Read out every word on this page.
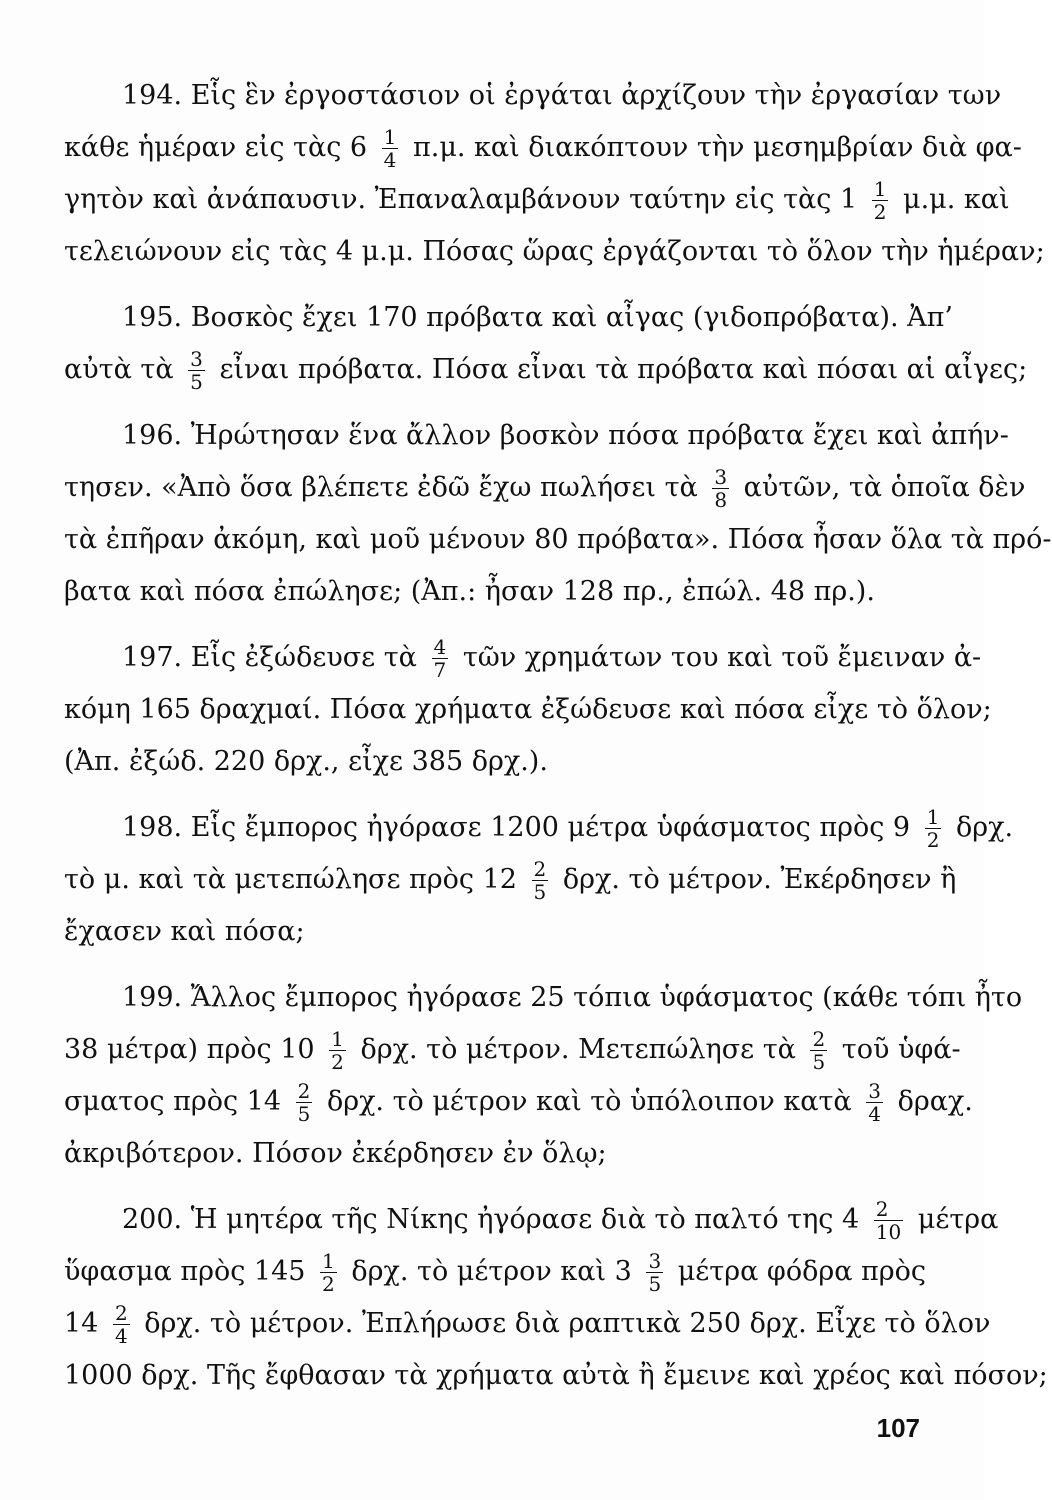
194. Εἷς ἓν ἐργοστάσιον οἱ ἐργάται ἀρχίζουν τὴν ἐργασίαν των
κάθε ἡμέραν εἰς τὰς $6 \frac{1}{4} \pi.\mu$. καὶ διακόπτουν τὴν μεσημβρίαν διὰ φα-
γητὸν καὶ ἀνάπαυσιν. Ἐπαναλαμβάνουν ταύτην εἰς τὰς $1 \frac{1}{2} \mu.\mu$. καὶ
τελειώνουν εἰς τὰς 4 μ.μ. Πόσας ὥρας ἐργάζονται τὸ ὅλον τὴν ἡμέραν;
195. Βοσκὸς ἔχει 170 πρόβατα καὶ αἶγας (γιδοπρόβατα). Ἀπ’
αὐτὰ τὰ $\frac{3}{5}$ εἶναι πρόβατα. Πόσα εἶναι τὰ πρόβατα καὶ πόσαι αἱ αἶγες;
196. Ἠρώτησαν ἕνα ἄλλον βοσκὸν πόσα πρόβατα ἔχει καὶ ἀπήν-
τησεν. «Ἀπὸ ὅσα βλέπετε ἐδῶ ἔχω πωλήσει τὰ $\frac{3}{8}$ αὐτῶν, τὰ ὁποῖα δὲν
τὰ ἐπῆραν ἀκόμη, καὶ μοῦ μένουν 80 πρόβατα». Πόσα ἦσαν ὅλα τὰ πρό-
βατα καὶ πόσα ἐπώλησε; (Ἀπ.: ἦσαν 128 πρ., ἐπώλ. 48 πρ.).
197. Εἷς ἐξώδευσε τὰ $\frac{4}{7}$ τῶν χρημάτων του καὶ τοῦ ἔμειναν ἀ-
κόμη 165 δραχμαί. Πόσα χρήματα ἐξώδευσε καὶ πόσα εἶχε τὸ ὅλον;
(Ἀπ. ἐξώδ. 220 δρχ., εἶχε 385 δρχ.).
198. Εἷς ἔμπορος ἠγόρασε 1200 μέτρα ὑφάσματος πρὸς $9 \frac{1}{2} \delta\rho\chi$.
τὸ μ. καὶ τὰ μετεπώλησε πρὸς $12 \frac{2}{5} \delta\rho\chi$. τὸ μέτρον. Ἐκέρδησεν ἢ
ἔχασεν καὶ πόσα;
199. Ἄλλος ἔμπορος ἠγόρασε 25 τόπια ὑφάσματος (κάθε τόπι ἦτο
38 μέτρα) πρὸς $10 \frac{1}{2} \delta\rho\chi$. τὸ μέτρον. Μετεπώλησε τὰ $\frac{2}{5}$ τοῦ ὑφά-
σματος πρὸς $14 \frac{2}{5} \delta\rho\chi$. τὸ μέτρον καὶ τὸ ὑπόλοιπον κατὰ $\frac{3}{4} \delta\rho\alpha\chi$.
ἀκριβότερον. Πόσον ἐκέρδησεν ἐν ὅλῳ;
200. Ἡ μητέρα τῆς Νίκης ἠγόρασε διὰ τὸ παλτό της $4 \frac{2}{10}$ μέτρα
ὕφασμα πρὸς $145 \frac{1}{2} \delta\rho\chi$. τὸ μέτρον καὶ $3 \frac{3}{5}$ μέτρα φόδρα πρὸς
$14 \frac{2}{4} \delta\rho\chi$. τὸ μέτρον. Ἐπλήρωσε διὰ ραπτικὰ 250 δρχ. Εἶχε τὸ ὅλον
1000 δρχ. Τῆς ἔφθασαν τὰ χρήματα αὐτὰ ἢ ἔμεινε καὶ χρέος καὶ πόσον;
107
